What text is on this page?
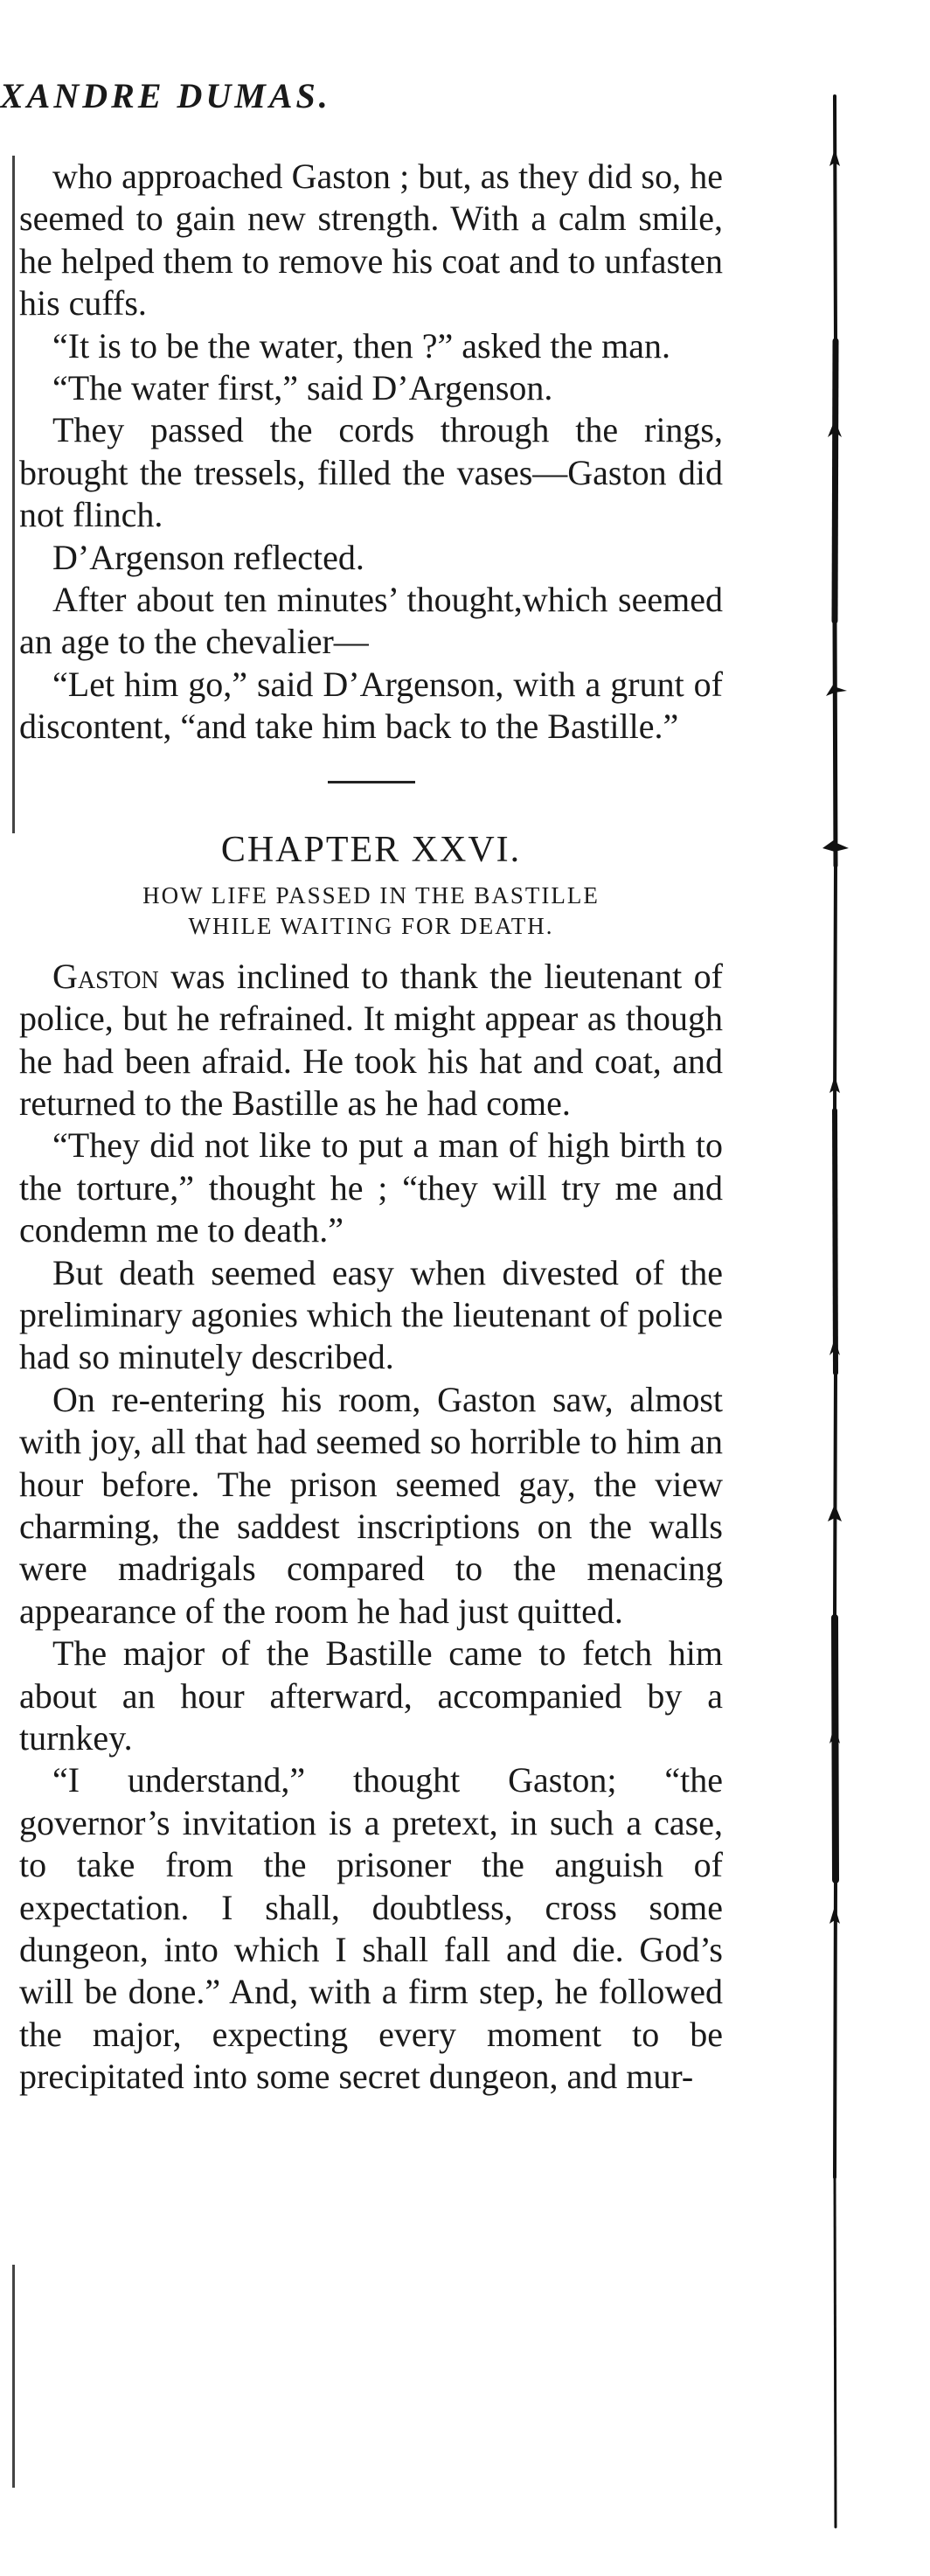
XANDRE DUMAS.

who approached Gaston ; but, as they did so, he seemed to gain new strength. With a calm smile, he helped them to remove his coat and to unfasten his cuffs.

“It is to be the water, then ?” asked the man.

“The water first,” said D’Argenson.

They passed the cords through the rings, brought the tressels, filled the vases—Gaston did not flinch.

D’Argenson reflected.

After about ten minutes’ thought,which seemed an age to the chevalier—

“Let him go,” said D’Argenson, with a grunt of discontent, “and take him back to the Bastille.”

CHAPTER XXVI.
HOW LIFE PASSED IN THE BASTILLE
WHILE WAITING FOR DEATH.

Gaston was inclined to thank the lieutenant of police, but he refrained. It might appear as though he had been afraid. He took his hat and coat, and returned to the Bastille as he had come.

“They did not like to put a man of high birth to the torture,” thought he ; “they will try me and condemn me to death.”

But death seemed easy when divested of the preliminary agonies which the lieutenant of police had so minutely described.

On re-entering his room, Gaston saw, almost with joy, all that had seemed so horrible to him an hour before. The prison seemed gay, the view charming, the saddest inscriptions on the walls were madrigals compared to the menacing appearance of the room he had just quitted.

The major of the Bastille came to fetch him about an hour afterward, accompanied by a turnkey.

“I understand,” thought Gaston; “the governor’s invitation is a pretext, in such a case, to take from the prisoner the anguish of expectation. I shall, doubtless, cross some dungeon, into which I shall fall and die. God’s will be done.” And, with a firm step, he followed the major, expecting every moment to be precipitated into some secret dungeon, and mur-
